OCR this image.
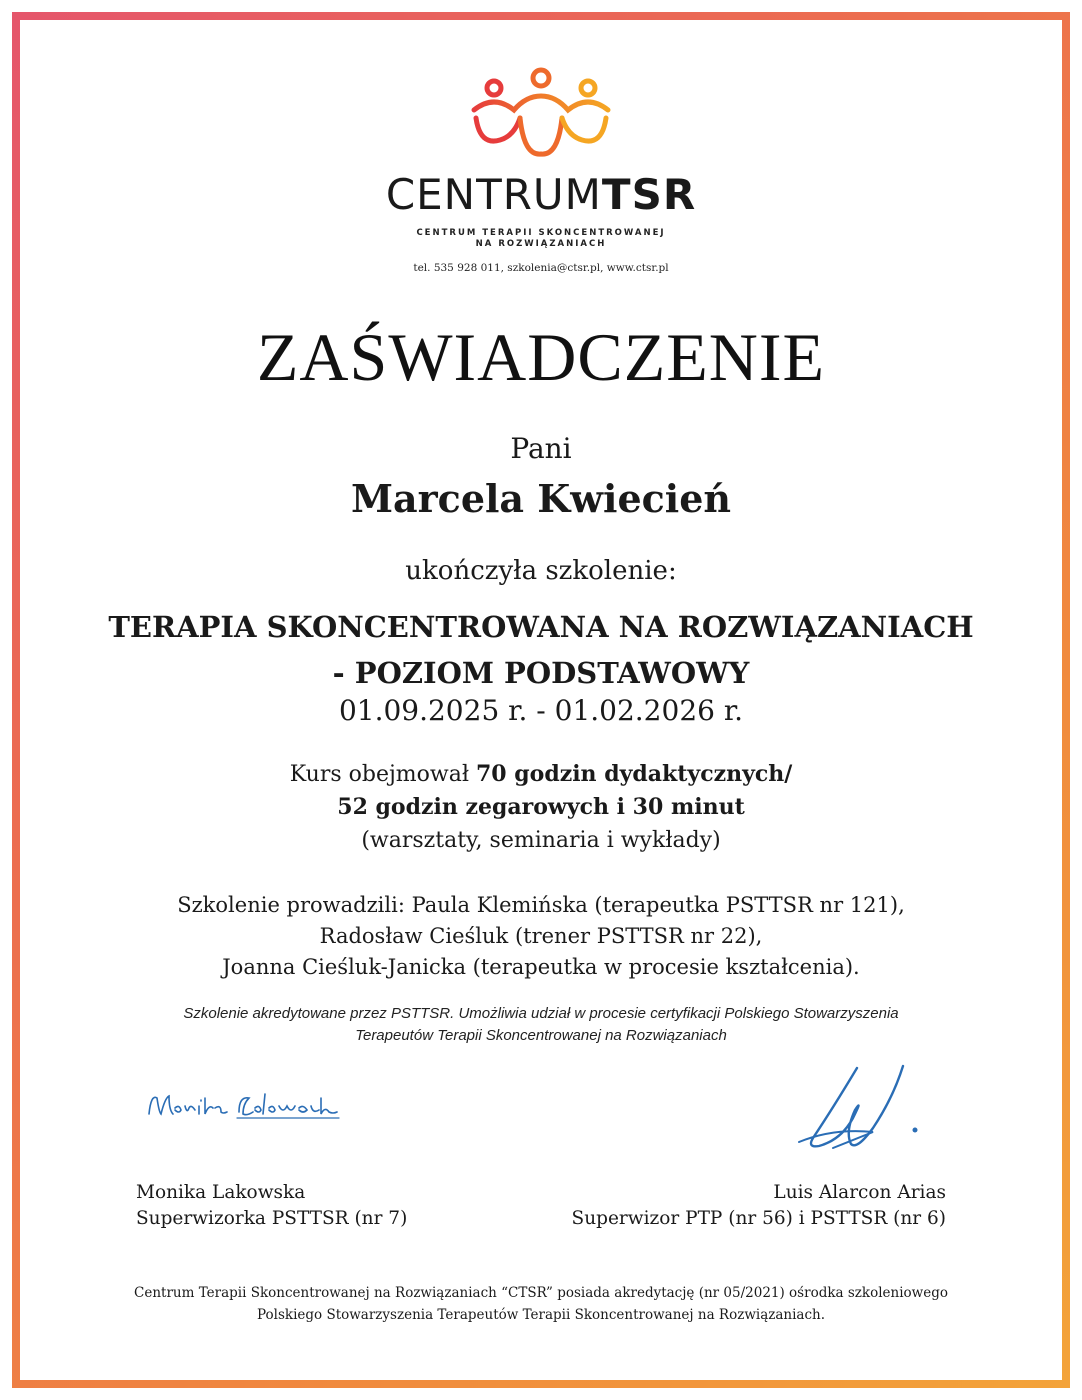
CENTRUMTSR
CENTRUM TERAPII SKONCENTROWANEJ
NA ROZWIĄZANIACH
tel. 535 928 011, szkolenia@ctsr.pl, www.ctsr.pl
ZAŚWIADCZENIE
Pani
Marcela Kwiecień
ukończyła szkolenie:
TERAPIA SKONCENTROWANA NA ROZWIĄZANIACH
- POZIOM PODSTAWOWY
01.09.2025 r. - 01.02.2026 r.
Kurs obejmował 70 godzin dydaktycznych/
52 godzin zegarowych i 30 minut
(warsztaty, seminaria i wykłady)
Szkolenie prowadzili: Paula Klemińska (terapeutka PSTTSR nr 121),
Radosław Cieśluk (trener PSTTSR nr 22),
Joanna Cieśluk-Janicka (terapeutka w procesie kształcenia).
Szkolenie akredytowane przez PSTTSR. Umożliwia udział w procesie certyfikacji Polskiego Stowarzyszenia
Terapeutów Terapii Skoncentrowanej na Rozwiązaniach
Monika Lakowska
Superwizorka PSTTSR (nr 7)
Luis Alarcon Arias
Superwizor PTP (nr 56) i PSTTSR (nr 6)
Centrum Terapii Skoncentrowanej na Rozwiązaniach “CTSR” posiada akredytację (nr 05/2021) ośrodka szkoleniowego
Polskiego Stowarzyszenia Terapeutów Terapii Skoncentrowanej na Rozwiązaniach.
